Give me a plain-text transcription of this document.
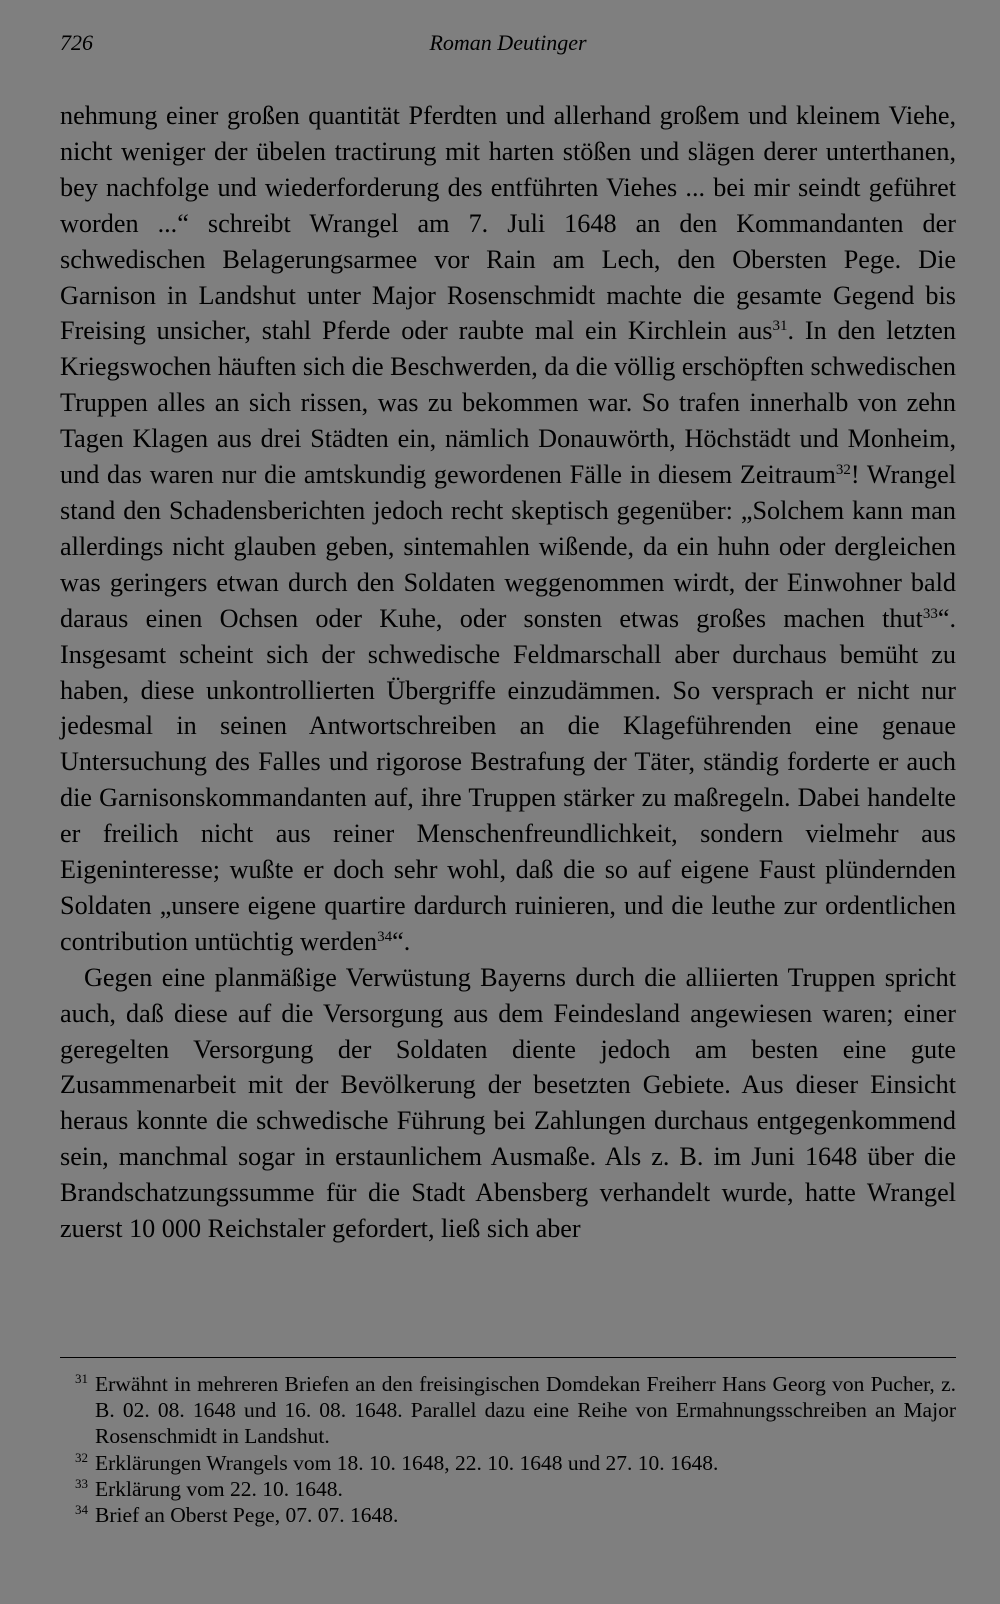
726	Roman Deutinger

nehmung einer großen quantität Pferdten und allerhand großem und kleinem Viehe, nicht weniger der übelen tractirung mit harten stößen und slägen derer unterthanen, bey nachfolge und wiederforderung des entführten Viehes ... bei mir seindt geführet worden ...“ schreibt Wrangel am 7. Juli 1648 an den Kommandanten der schwedischen Belagerungsarmee vor Rain am Lech, den Obersten Pege. Die Garnison in Landshut unter Major Rosenschmidt machte die gesamte Gegend bis Freising unsicher, stahl Pferde oder raubte mal ein Kirchlein aus$^{31}$. In den letzten Kriegswochen häuften sich die Beschwerden, da die völlig erschöpften schwedischen Truppen alles an sich rissen, was zu bekommen war. So trafen innerhalb von zehn Tagen Klagen aus drei Städten ein, nämlich Donauwörth, Höchstädt und Monheim, und das waren nur die amtskundig gewordenen Fälle in diesem Zeitraum$^{32}$! Wrangel stand den Schadensberichten jedoch recht skeptisch gegenüber: „Solchem kann man allerdings nicht glauben geben, sintemahlen wißende, da ein huhn oder dergleichen was geringers etwan durch den Soldaten weggenommen wirdt, der Einwohner bald daraus einen Ochsen oder Kuhe, oder sonsten etwas großes machen thut$^{33}$“. Insgesamt scheint sich der schwedische Feldmarschall aber durchaus bemüht zu haben, diese unkontrollierten Übergriffe einzudämmen. So versprach er nicht nur jedesmal in seinen Antwortschreiben an die Klageführenden eine genaue Untersuchung des Falles und rigorose Bestrafung der Täter, ständig forderte er auch die Garnisonskommandanten auf, ihre Truppen stärker zu maßregeln. Dabei handelte er freilich nicht aus reiner Menschenfreundlichkeit, sondern vielmehr aus Eigeninteresse; wußte er doch sehr wohl, daß die so auf eigene Faust plündernden Soldaten „unsere eigene quartire dardurch ruinieren, und die leuthe zur ordentlichen contribution untüchtig werden$^{34}$“.

Gegen eine planmäßige Verwüstung Bayerns durch die alliierten Truppen spricht auch, daß diese auf die Versorgung aus dem Feindesland angewiesen waren; einer geregelten Versorgung der Soldaten diente jedoch am besten eine gute Zusammenarbeit mit der Bevölkerung der besetzten Gebiete. Aus dieser Einsicht heraus konnte die schwedische Führung bei Zahlungen durchaus entgegenkommend sein, manchmal sogar in erstaunlichem Ausmaße. Als z. B. im Juni 1648 über die Brandschatzungssumme für die Stadt Abensberg verhandelt wurde, hatte Wrangel zuerst 10 000 Reichstaler gefordert, ließ sich aber

$^{31}$ Erwähnt in mehreren Briefen an den freisingischen Domdekan Freiherr Hans Georg von Pucher, z. B. 02. 08. 1648 und 16. 08. 1648. Parallel dazu eine Reihe von Ermahnungsschreiben an Major Rosenschmidt in Landshut.
$^{32}$ Erklärungen Wrangels vom 18. 10. 1648, 22. 10. 1648 und 27. 10. 1648.
$^{33}$ Erklärung vom 22. 10. 1648.
$^{34}$ Brief an Oberst Pege, 07. 07. 1648.
